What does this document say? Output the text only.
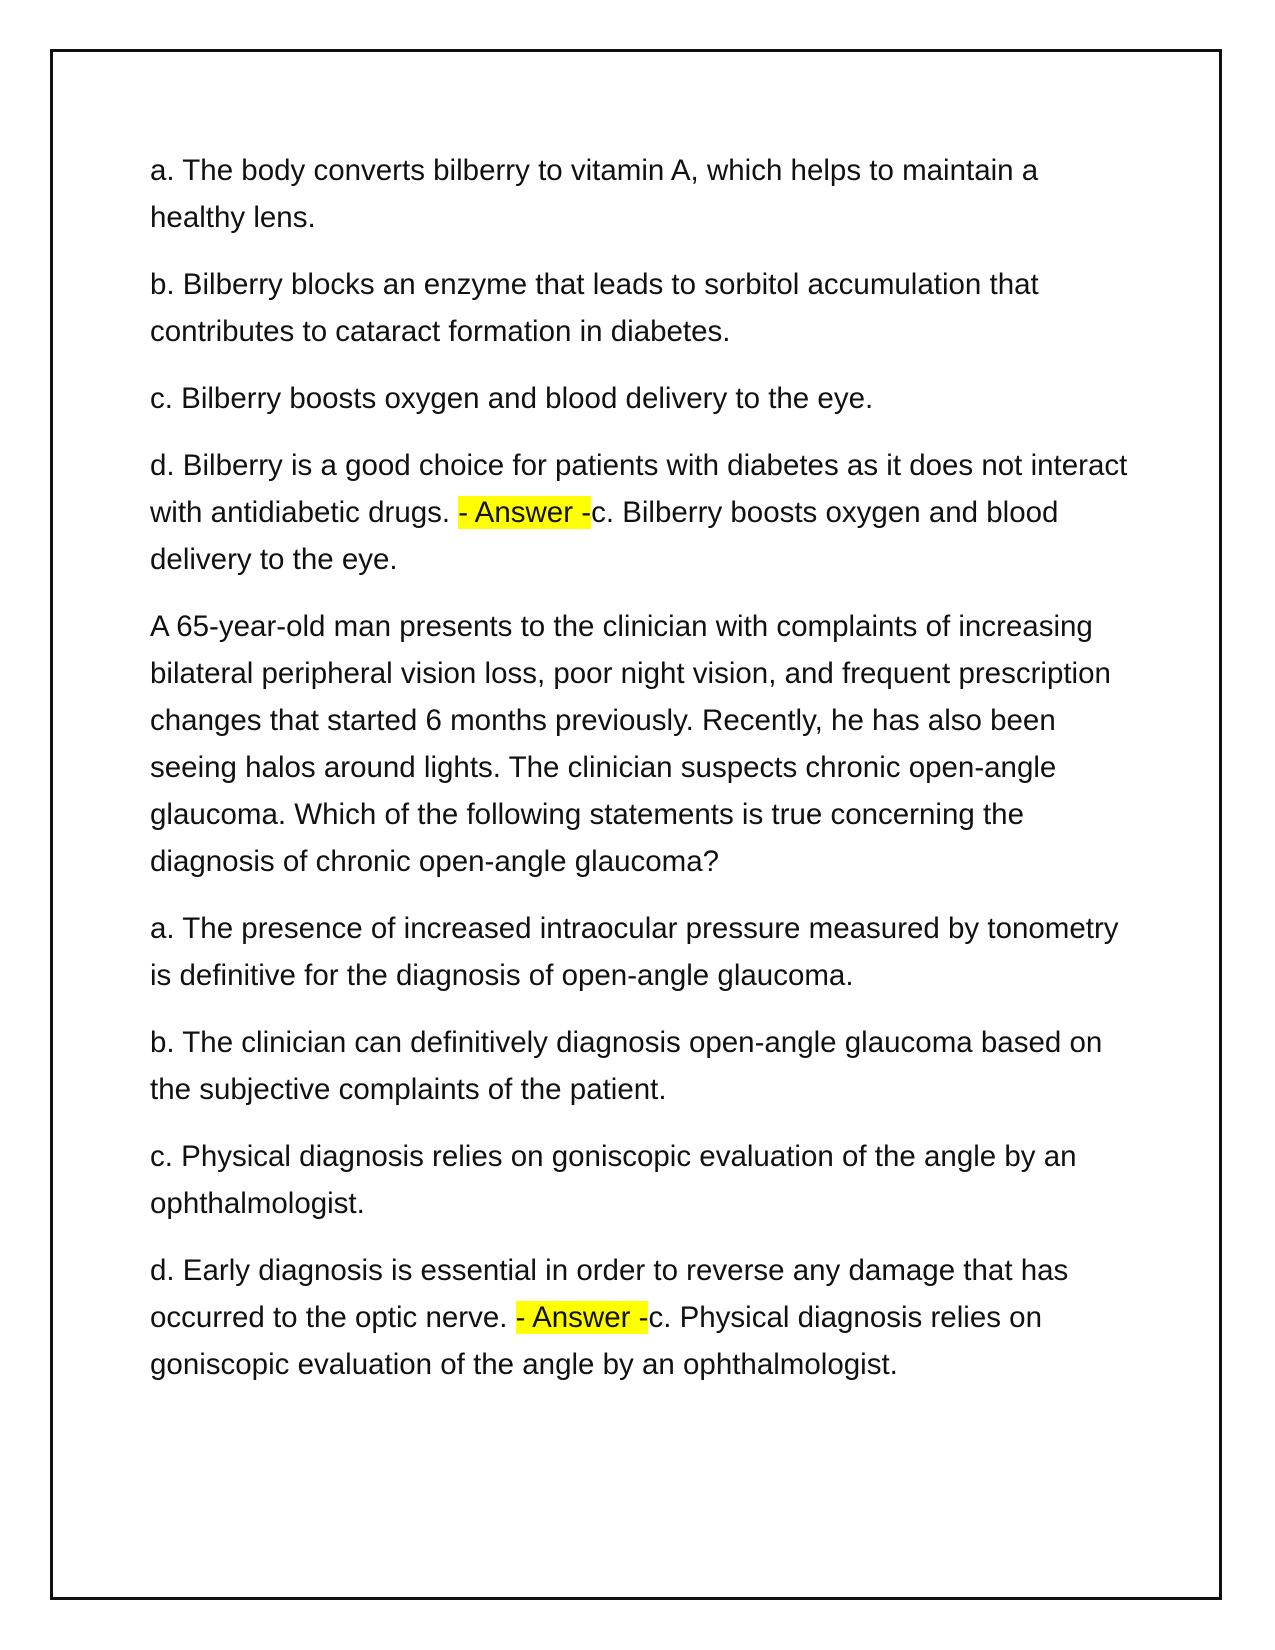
a. The body converts bilberry to vitamin A, which helps to maintain a healthy lens.

b. Bilberry blocks an enzyme that leads to sorbitol accumulation that contributes to cataract formation in diabetes.

c. Bilberry boosts oxygen and blood delivery to the eye.

d. Bilberry is a good choice for patients with diabetes as it does not interact with antidiabetic drugs. - Answer -c. Bilberry boosts oxygen and blood delivery to the eye.

A 65-year-old man presents to the clinician with complaints of increasing bilateral peripheral vision loss, poor night vision, and frequent prescription changes that started 6 months previously. Recently, he has also been seeing halos around lights. The clinician suspects chronic open-angle glaucoma. Which of the following statements is true concerning the diagnosis of chronic open-angle glaucoma?

a. The presence of increased intraocular pressure measured by tonometry is definitive for the diagnosis of open-angle glaucoma.

b. The clinician can definitively diagnosis open-angle glaucoma based on the subjective complaints of the patient.

c. Physical diagnosis relies on goniscopic evaluation of the angle by an ophthalmologist.

d. Early diagnosis is essential in order to reverse any damage that has occurred to the optic nerve. - Answer -c. Physical diagnosis relies on goniscopic evaluation of the angle by an ophthalmologist.
